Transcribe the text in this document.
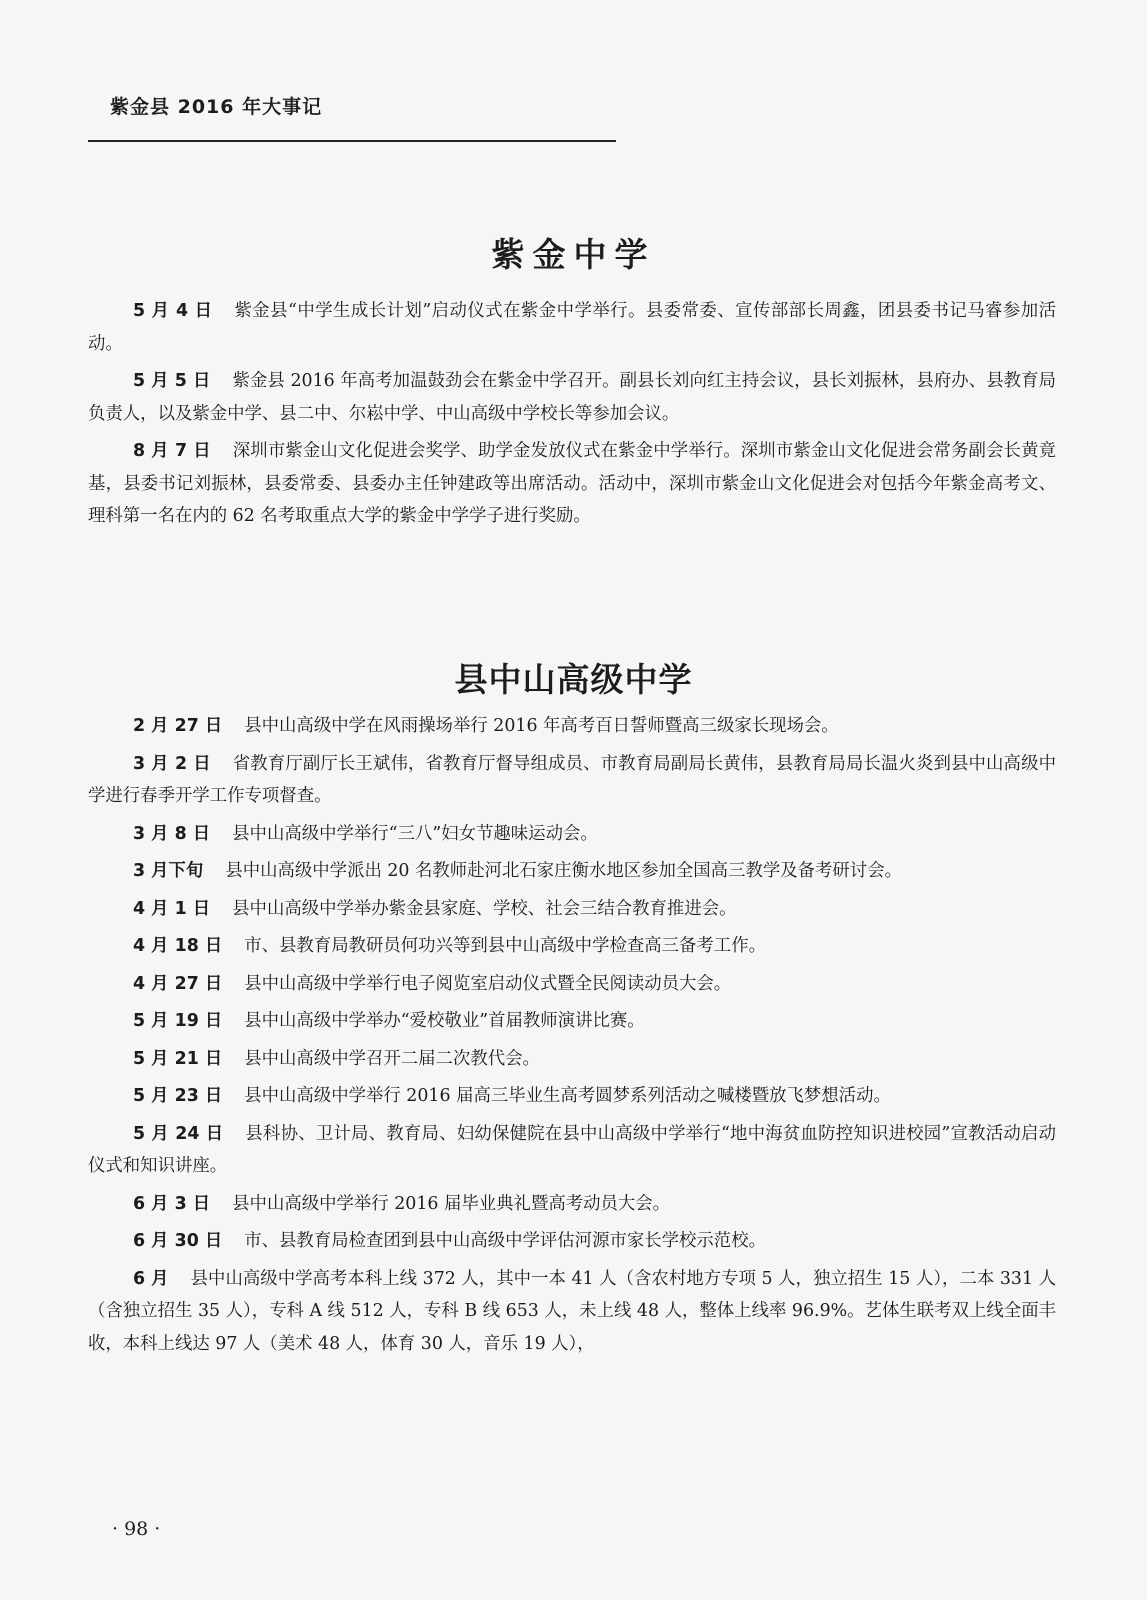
紫金县 2016 年大事记
紫金中学

5 月 4 日 紫金县“中学生成长计划”启动仪式在紫金中学举行。县委常委、宣传部部长周鑫，团县委书记马睿参加活动。

5 月 5 日 紫金县 2016 年高考加温鼓劲会在紫金中学召开。副县长刘向红主持会议，县长刘振林，县府办、县教育局负责人，以及紫金中学、县二中、尔崧中学、中山高级中学校长等参加会议。

8 月 7 日 深圳市紫金山文化促进会奖学、助学金发放仪式在紫金中学举行。深圳市紫金山文化促进会常务副会长黄竟基，县委书记刘振林，县委常委、县委办主任钟建政等出席活动。活动中，深圳市紫金山文化促进会对包括今年紫金高考文、理科第一名在内的 62 名考取重点大学的紫金中学学子进行奖励。

县中山高级中学

2 月 27 日 县中山高级中学在风雨操场举行 2016 年高考百日誓师暨高三级家长现场会。

3 月 2 日 省教育厅副厅长王斌伟，省教育厅督导组成员、市教育局副局长黄伟，县教育局局长温火炎到县中山高级中学进行春季开学工作专项督查。

3 月 8 日 县中山高级中学举行“三八”妇女节趣味运动会。

3 月下旬 县中山高级中学派出 20 名教师赴河北石家庄衡水地区参加全国高三教学及备考研讨会。

4 月 1 日 县中山高级中学举办紫金县家庭、学校、社会三结合教育推进会。

4 月 18 日 市、县教育局教研员何功兴等到县中山高级中学检查高三备考工作。

4 月 27 日 县中山高级中学举行电子阅览室启动仪式暨全民阅读动员大会。

5 月 19 日 县中山高级中学举办“爱校敬业”首届教师演讲比赛。

5 月 21 日 县中山高级中学召开二届二次教代会。

5 月 23 日 县中山高级中学举行 2016 届高三毕业生高考圆梦系列活动之喊楼暨放飞梦想活动。

5 月 24 日 县科协、卫计局、教育局、妇幼保健院在县中山高级中学举行“地中海贫血防控知识进校园”宣教活动启动仪式和知识讲座。

6 月 3 日 县中山高级中学举行 2016 届毕业典礼暨高考动员大会。

6 月 30 日 市、县教育局检查团到县中山高级中学评估河源市家长学校示范校。

6 月 县中山高级中学高考本科上线 372 人，其中一本 41 人（含农村地方专项 5 人，独立招生 15 人），二本 331 人（含独立招生 35 人），专科 A 线 512 人，专科 B 线 653 人，未上线 48 人，整体上线率 96.9%。艺体生联考双上线全面丰收，本科上线达 97 人（美术 48 人，体育 30 人，音乐 19 人），

· 98 ·
